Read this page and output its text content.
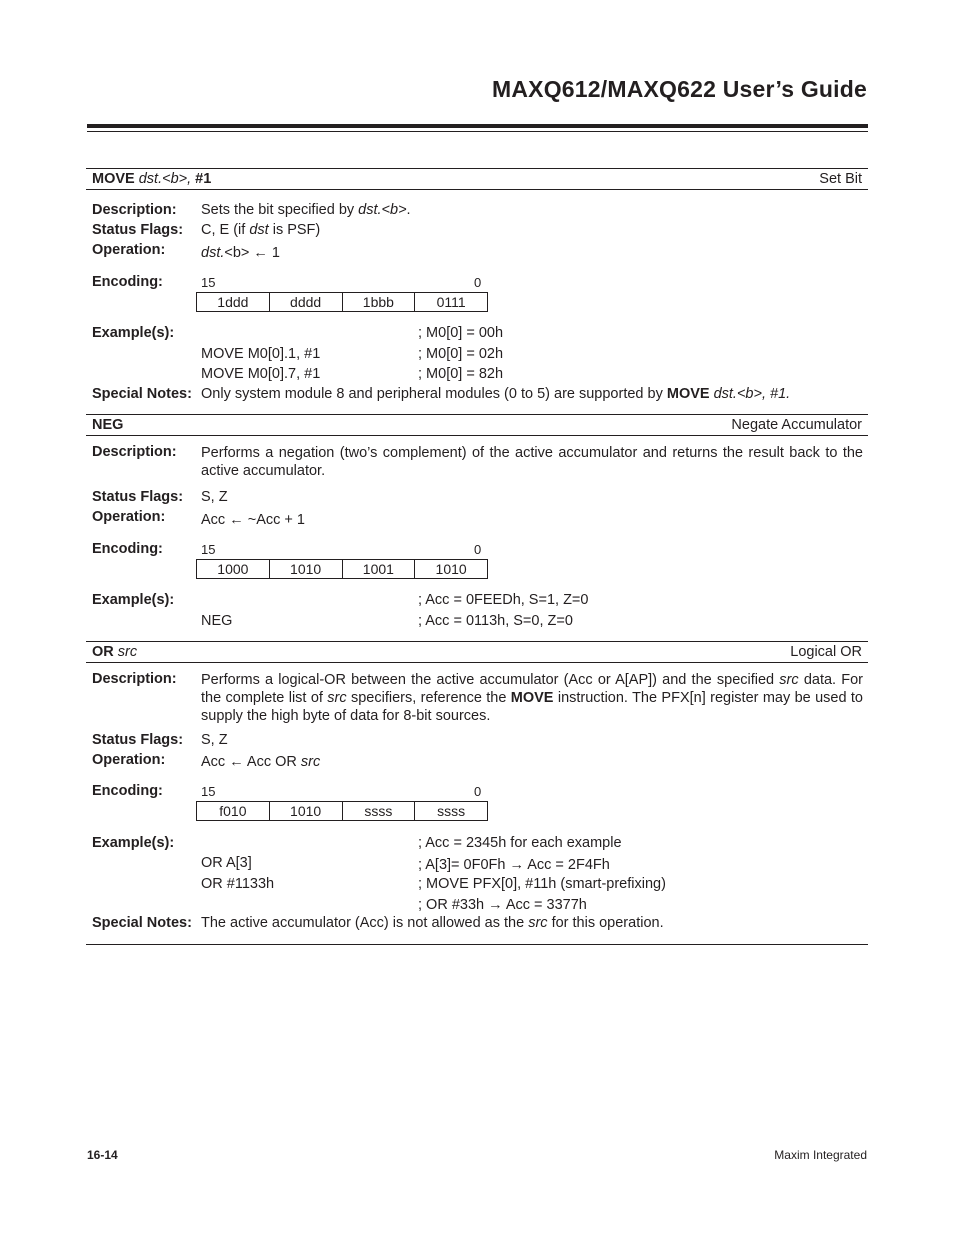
MAXQ612/MAXQ622 User’s Guide
MOVE dst.<b>, #1	Set Bit
Description: Sets the bit specified by dst.<b>.
Status Flags: C, E (if dst is PSF)
Operation: dst.<b> ← 1
Encoding:	15	0
1ddd	dddd	1bbb	0111
Example(s):	; M0[0] = 00h
MOVE M0[0].1, #1	; M0[0] = 02h
MOVE M0[0].7, #1	; M0[0] = 82h
Special Notes: Only system module 8 and peripheral modules (0 to 5) are supported by MOVE dst.<b>, #1.
NEG	Negate Accumulator
Description: Performs a negation (two’s complement) of the active accumulator and returns the result back to the active accumulator.
Status Flags: S, Z
Operation: Acc ← ~Acc + 1
Encoding:	15	0
1000	1010	1001	1010
Example(s):	; Acc = 0FEEDh, S=1, Z=0
NEG	; Acc = 0113h, S=0, Z=0
OR src	Logical OR
Description: Performs a logical-OR between the active accumulator (Acc or A[AP]) and the specified src data. For the complete list of src specifiers, reference the MOVE instruction. The PFX[n] register may be used to supply the high byte of data for 8-bit sources.
Status Flags: S, Z
Operation: Acc ← Acc OR src
Encoding:	15	0
f010	1010	ssss	ssss
Example(s):	; Acc = 2345h for each example
OR A[3]	; A[3]= 0F0Fh → Acc = 2F4Fh
OR #1133h	; MOVE PFX[0], #11h (smart-prefixing)
; OR #33h → Acc = 3377h
Special Notes: The active accumulator (Acc) is not allowed as the src for this operation.
16-14	Maxim Integrated
